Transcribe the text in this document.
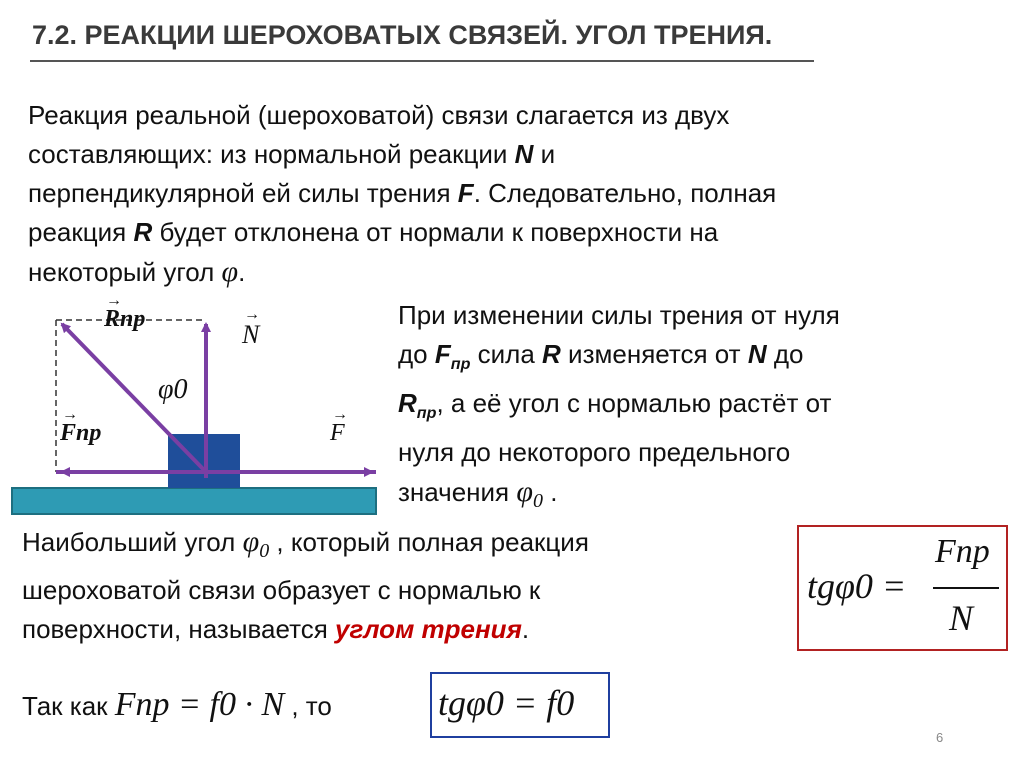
7.2. РЕАКЦИИ ШЕРОХОВАТЫХ СВЯЗЕЙ. УГОЛ ТРЕНИЯ.
Реакция реальной (шероховатой) связи слагается из двух
составляющих: из нормальной реакции N и
перпендикулярной ей силы трения F. Следовательно, полная
реакция R будет отклонена от нормали к поверхности на
некоторый угол φ.
→
Rпр	→
N
φ0
→
Fпр
→
F
При изменении силы трения от нуля
до $F_{пр}$ сила R изменяется от N до
$R_{пр}$, а её угол с нормалью растёт от
нуля до некоторого предельного
значения $\varphi_0$ .
Наибольший угол $\varphi_0$ , который полная реакция
шероховатой связи образует с нормалью к
поверхности, называется углом трения.
tgφ0 =
Fпр
N
Так как Fпр = f0 · N , то	tgφ0 = f0
6
